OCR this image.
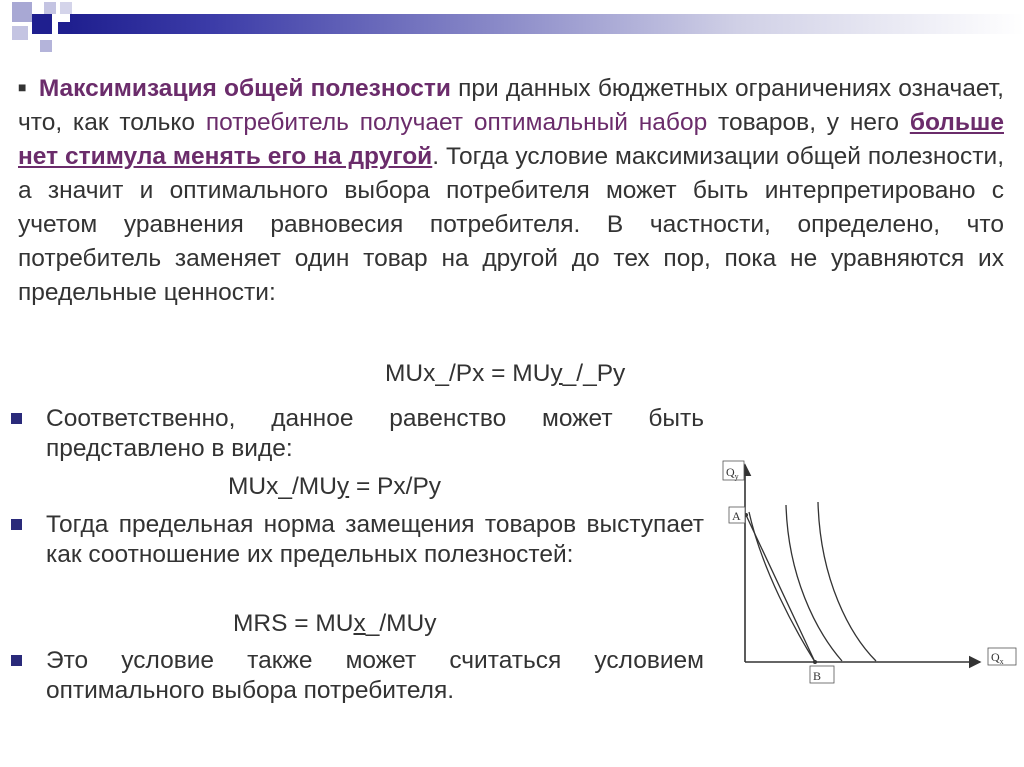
■ Максимизация общей полезности при данных бюджетных ограничениях означает, что, как только потребитель получает оптимальный набор товаров, у него больше нет стимула менять его на другой. Тогда условие максимизации общей полезности, а значит и оптимального выбора потребителя может быть интерпретировано с учетом уравнения равновесия потребителя. В частности, определено, что потребитель заменяет один товар на другой до тех пор, пока не уравняются их предельные ценности:
MUx_/Px = MUy_/_Py
Соответственно, данное равенство может быть представлено в виде:
MUx_/MUy = Px/Py
Тогда предельная норма замещения товаров выступает как соотношение их предельных полезностей:
MRS = MUx_/MUy
Это условие также может считаться условием оптимального выбора потребителя.
$Q_y$
$Q_x$
A
B
